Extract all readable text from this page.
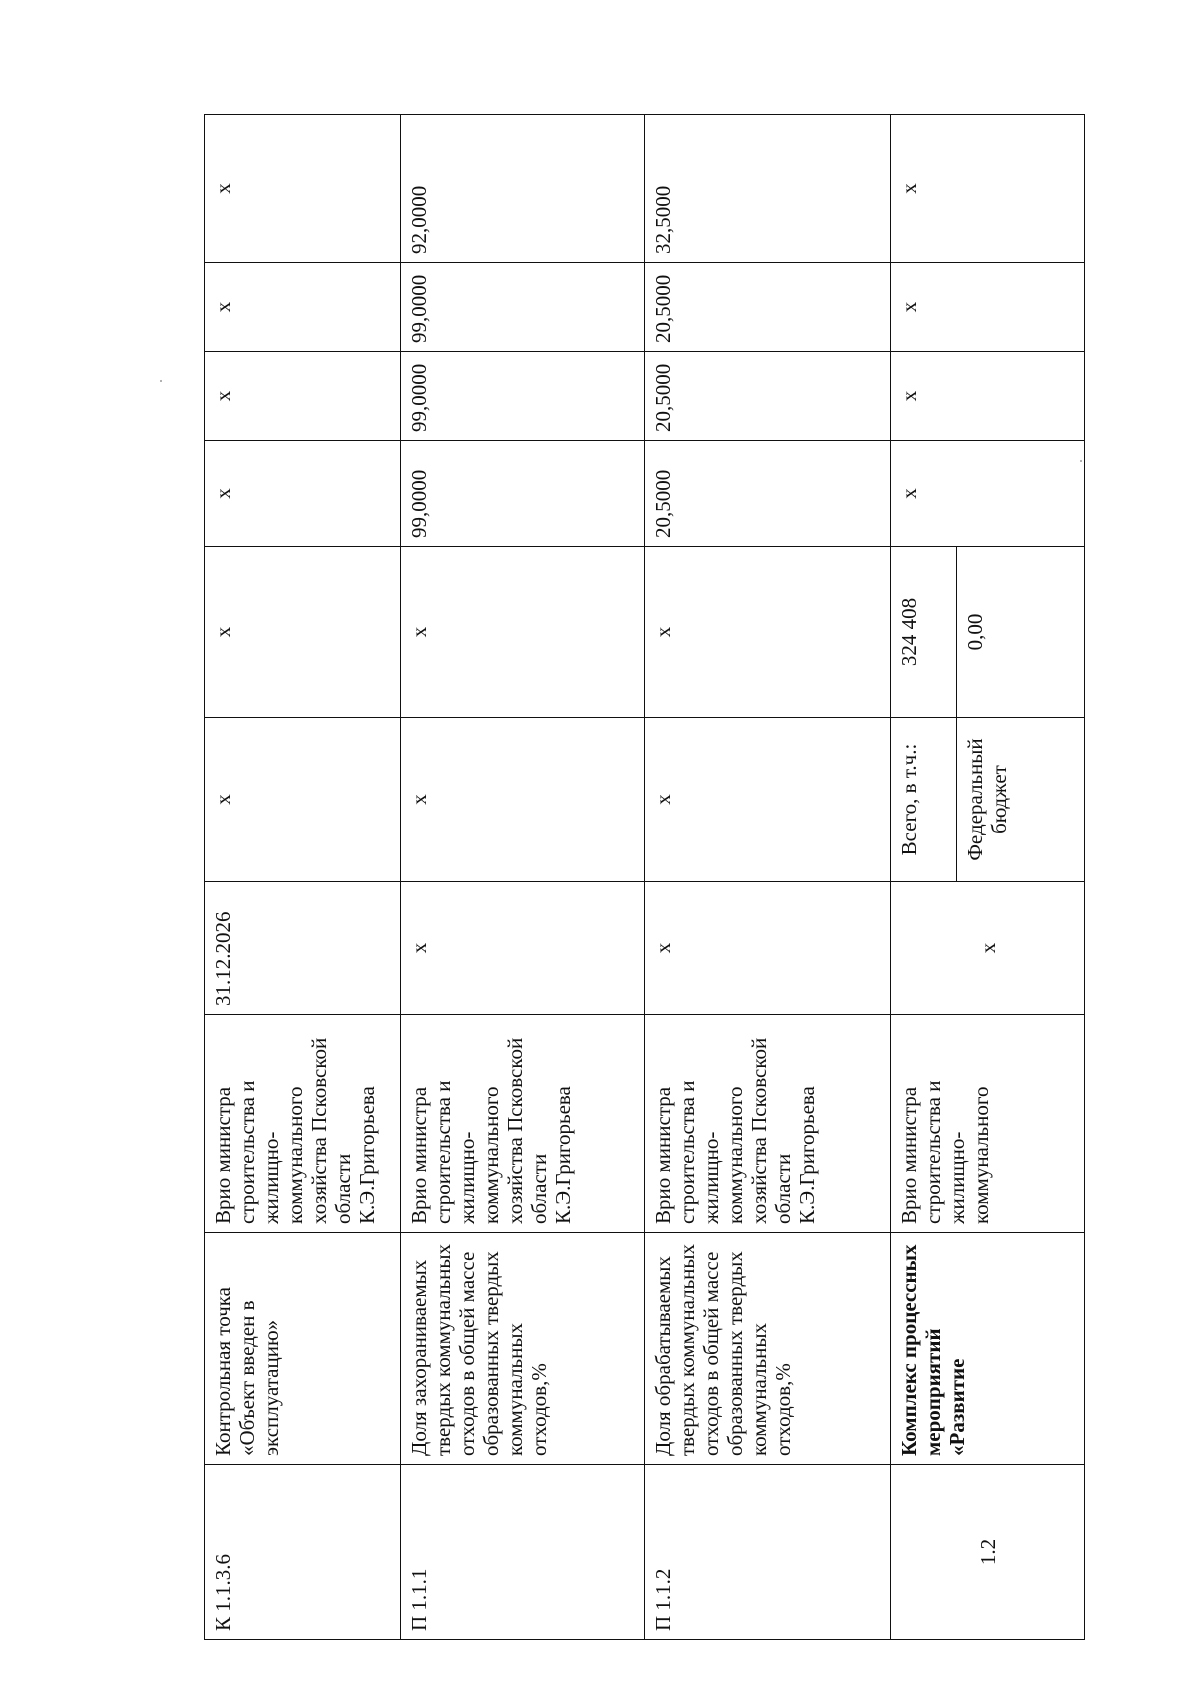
К 1.1.3.6	Контрольная точка «Объект введен в эксплуатацию»	Врио министра строительства и жилищно-коммунального хозяйства Псковской области К.Э.Григорьева	31.12.2026	х	х	х	х	х	х
П 1.1.1	Доля захораниваемых твердых коммунальных отходов в общей массе образованных твердых коммунальных отходов,%	Врио министра строительства и жилищно-коммунального хозяйства Псковской области К.Э.Григорьева	х	х	х	99,0000	99,0000	99,0000	92,0000
П 1.1.2	Доля обрабатываемых твердых коммунальных отходов в общей массе образованных твердых коммунальных отходов,%	Врио министра строительства и жилищно-коммунального хозяйства Псковской области К.Э.Григорьева	х	х	х	20,5000	20,5000	20,5000	32,5000
1.2	Комплекс процессных мероприятий «Развитие	Врио министра строительства и жилищно-коммунального	х	Всего, в т.ч.:	324 408	х	х	х	х
				Федеральный бюджет	0,00				
